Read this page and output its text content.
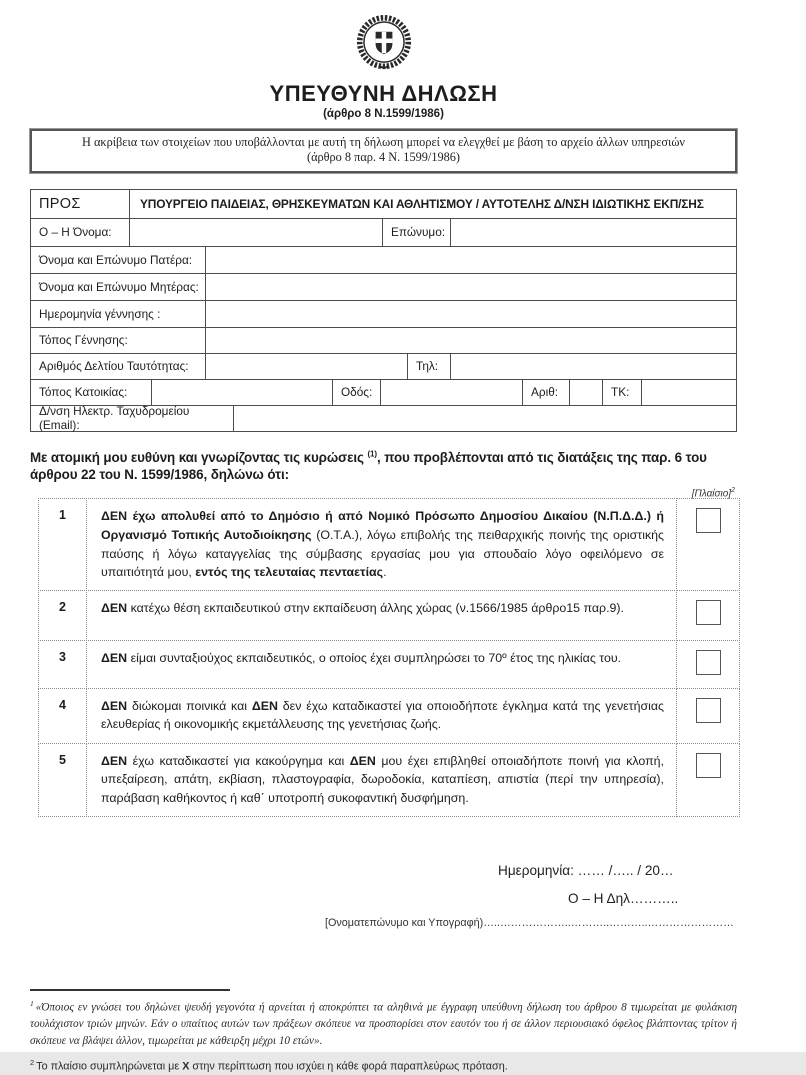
ΥΠΕΥΘΥΝΗ ΔΗΛΩΣΗ
(άρθρο 8 Ν.1599/1986)
Η ακρίβεια των στοιχείων που υποβάλλονται με αυτή τη δήλωση μπορεί να ελεγχθεί με βάση το αρχείο άλλων υπηρεσιών
(άρθρο 8 παρ. 4 Ν. 1599/1986)
ΠΡΟΣ	ΥΠΟΥΡΓΕΙΟ ΠΑΙΔΕΙΑΣ, ΘΡΗΣΚΕΥΜΑΤΩΝ ΚΑΙ ΑΘΛΗΤΙΣΜΟΥ / ΑΥΤΟΤΕΛΗΣ Δ/ΝΣΗ ΙΔΙΩΤΙΚΗΣ ΕΚΠ/ΣΗΣ
Ο – Η Όνομα:	Επώνυμο:
Όνομα και Επώνυμο Πατέρα:
Όνομα και Επώνυμο Μητέρας:
Ημερομηνία γέννησης :
Τόπος Γέννησης:
Αριθμός Δελτίου Ταυτότητας:	Τηλ:
Τόπος Κατοικίας:	Οδός:	Αριθ:	ΤΚ:
Δ/νση Ηλεκτρ. Ταχυδρομείου (Email):

Με ατομική μου ευθύνη και γνωρίζοντας τις κυρώσεις $^{(1)}$, που προβλέπονται από τις διατάξεις της παρ. 6 του άρθρου 22 του Ν. 1599/1986, δηλώνω ότι:

$[\Pi\lambda\alpha ί\sigma\iota o]^2$
1	ΔΕΝ έχω απολυθεί από το Δημόσιο ή από Νομικό Πρόσωπο Δημοσίου Δικαίου (Ν.Π.Δ.Δ.) ή Οργανισμό Τοπικής Αυτοδιοίκησης (Ο.Τ.Α.), λόγω επιβολής της πειθαρχικής ποινής της οριστικής παύσης ή λόγω καταγγελίας της σύμβασης εργασίας μου για σπουδαίο λόγο οφειλόμενο σε υπαιτιότητά μου, εντός της τελευταίας πενταετίας.
2	ΔΕΝ κατέχω θέση εκπαιδευτικού στην εκπαίδευση άλλης χώρας (ν.1566/1985 άρθρο15 παρ.9).
3	ΔΕΝ είμαι συνταξιούχος εκπαιδευτικός, ο οποίος έχει συμπληρώσει το 70º έτος της ηλικίας του.
4	ΔΕΝ διώκομαι ποινικά και ΔΕΝ δεν έχω καταδικαστεί για οποιοδήποτε έγκλημα κατά της γενετήσιας ελευθερίας ή οικονομικής εκμετάλλευσης της γενετήσιας ζωής.
5	ΔΕΝ έχω καταδικαστεί για κακούργημα και ΔΕΝ μου έχει επιβληθεί οποιαδήποτε ποινή για κλοπή, υπεξαίρεση, απάτη, εκβίαση, πλαστογραφία, δωροδοκία, καταπίεση, απιστία (περί την υπηρεσία), παράβαση καθήκοντος ή καθ΄ υποτροπή συκοφαντική δυσφήμηση.
Ημερομηνία: …… /….. / 20…
Ο – Η Δηλ………..
[Ονοματεπώνυμο και Υπογραφή)…..………………..………..………..……………………
$^1$ «Όποιος εν γνώσει του δηλώνει ψευδή γεγονότα ή αρνείται ή αποκρύπτει τα αληθινά με έγγραφη υπεύθυνη δήλωση του άρθρου 8 τιμωρείται με φυλάκιση τουλάχιστον τριών μηνών. Εάν ο υπαίτιος αυτών των πράξεων σκόπευε να προσπορίσει στον εαυτόν του ή σε άλλον περιουσιακό όφελος βλάπτοντας τρίτον ή σκόπευε να βλάψει άλλον, τιμωρείται με κάθειρξη μέχρι 10 ετών».
$^2$ Το πλαίσιο συμπληρώνεται με X στην περίπτωση που ισχύει η κάθε φορά παραπλεύρως πρόταση.
